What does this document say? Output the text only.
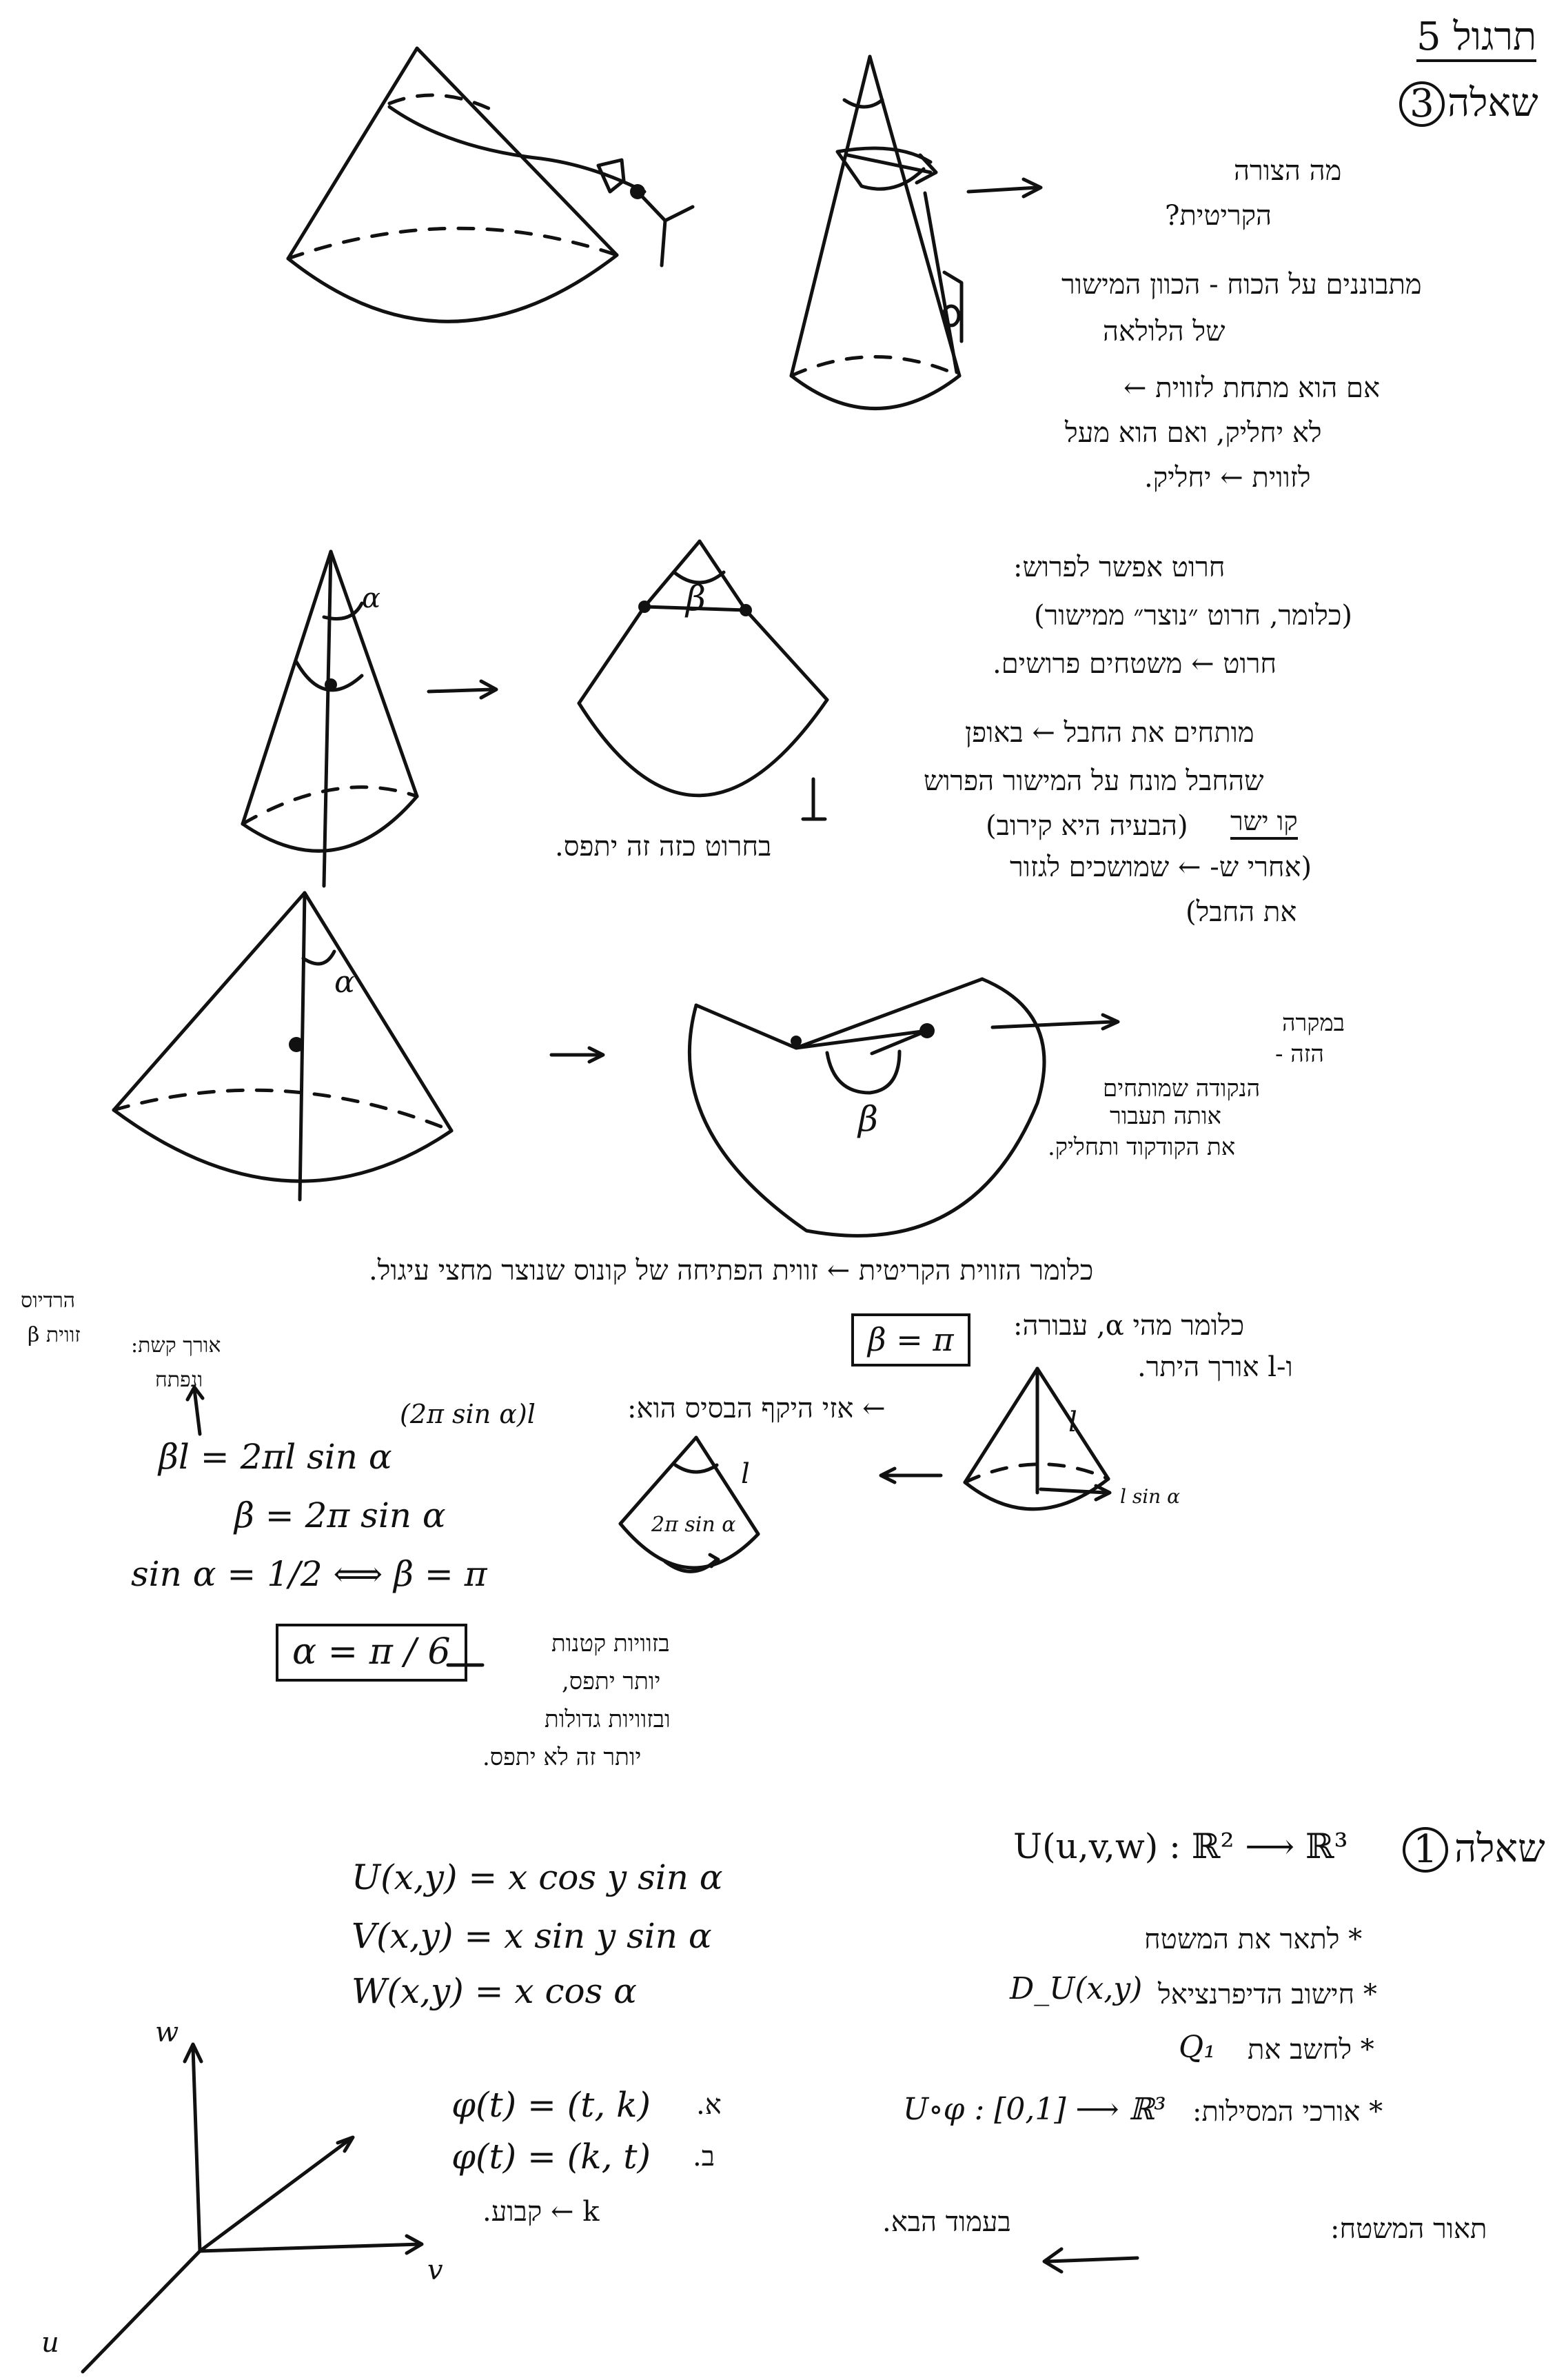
תרגול 5
שאלה
3
מה הצורה
הקריטית?
מתבוננים על הכוח - הכוון המישור
של הלולאה
אם הוא מתחת לזווית ←
לא יחליק, ואם הוא מעל
לזווית ← יחליק.
חרוט אפשר לפרוש:
(כלומר, חרוט ״נוצר״ ממישור)
חרוט ← משטחים פרושים.
מותחים את החבל ← באופן
שהחבל מונח על המישור הפרוש
קו ישר
(הבעיה היא קירוב)
(אחרי ש- ← שמושכים לגזור
את החבל)
β
בחרוט כזה זה יתפס.
α
α
β
במקרה
הזה -
הנקודה שמותחים
אותה תעבור
את הקודקוד ותחליק.
כלומר הזווית הקריטית ← זווית הפתיחה של קונוס שנוצר מחצי עיגול.
כלומר מהי α, עבורה:
β = π
ו-l אורך היתר.
הרדיוס
זווית β אורך קשת:
ונפתח
βl = 2πl sin α
β = 2π sin α
sin α = 1/2 ⟺ β = π
α = π / 6
← אזי היקף הבסיס הוא:
(2π sin α)l
2π sin α
l
l
l sin α
בזוויות קטנות
יותר יתפס,
ובזוויות גדולות
יותר זה לא יתפס.
שאלה
1
U(u,v,w) : ℝ² ⟶ ℝ³
* לתאר את המשטח
* חישוב הדיפרנציאל
D_U(x,y)
* לחשב את
Q₁
* אורכי המסילות:
U∘φ : [0,1] ⟶ ℝ³
תאור המשטח:
בעמוד הבא.
U(x,y) = x cos y sin α
V(x,y) = x sin y sin α
W(x,y) = x cos α
φ(t) = (t, k) א.
φ(t) = (k, t) ב.
k ← קבוע.
w
v
u
